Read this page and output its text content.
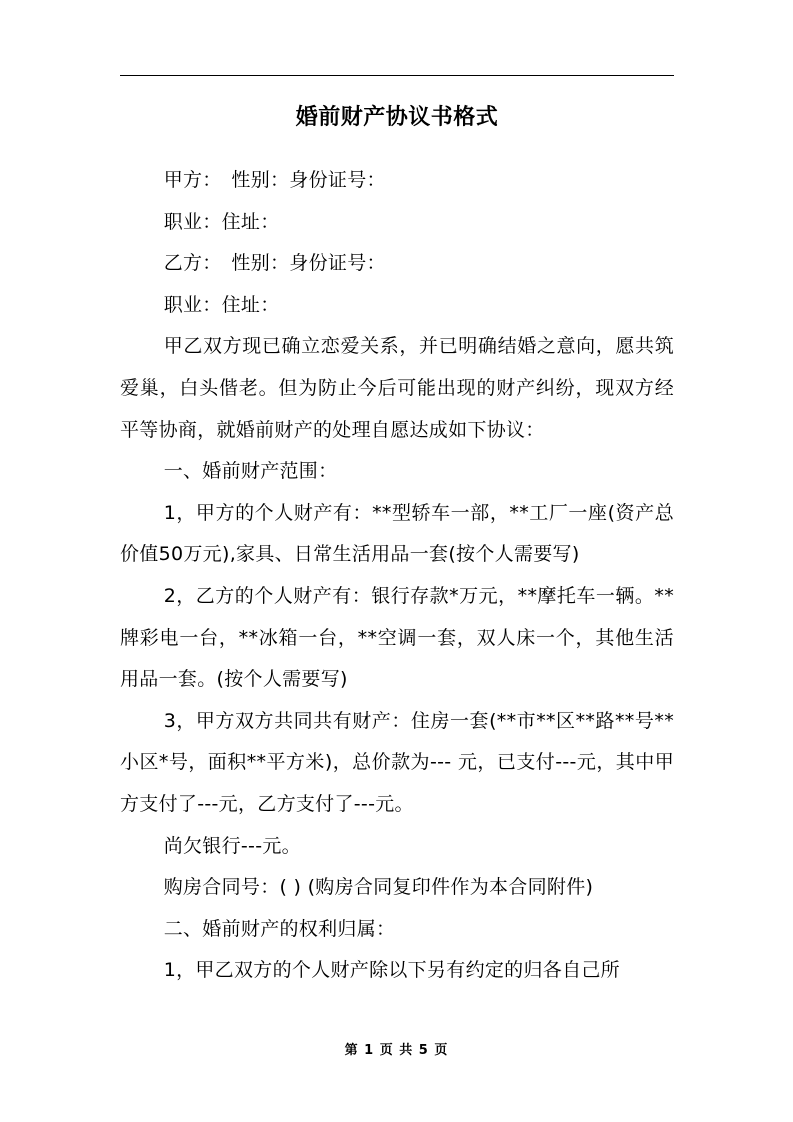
婚前财产协议书格式

甲方：　性别：身份证号：

职业：住址：

乙方：　性别：身份证号：

职业：住址：

甲乙双方现已确立恋爱关系，并已明确结婚之意向，愿共筑爱巢，白头偕老。但为防止今后可能出现的财产纠纷，现双方经平等协商，就婚前财产的处理自愿达成如下协议：

一、婚前财产范围：

1，甲方的个人财产有：**型轿车一部，**工厂一座(资产总价值50万元),家具、日常生活用品一套(按个人需要写)

2，乙方的个人财产有：银行存款*万元，**摩托车一辆。**牌彩电一台，**冰箱一台，**空调一套，双人床一个，其他生活用品一套。(按个人需要写)

3，甲方双方共同共有财产：住房一套(**市**区**路**号**小区*号，面积**平方米)，总价款为--- 元，已支付---元，其中甲方支付了---元，乙方支付了---元。

尚欠银行---元。

购房合同号：( ) (购房合同复印件作为本合同附件)

二、婚前财产的权利归属：

1，甲乙双方的个人财产除以下另有约定的归各自己所

第 1 页 共 5 页
